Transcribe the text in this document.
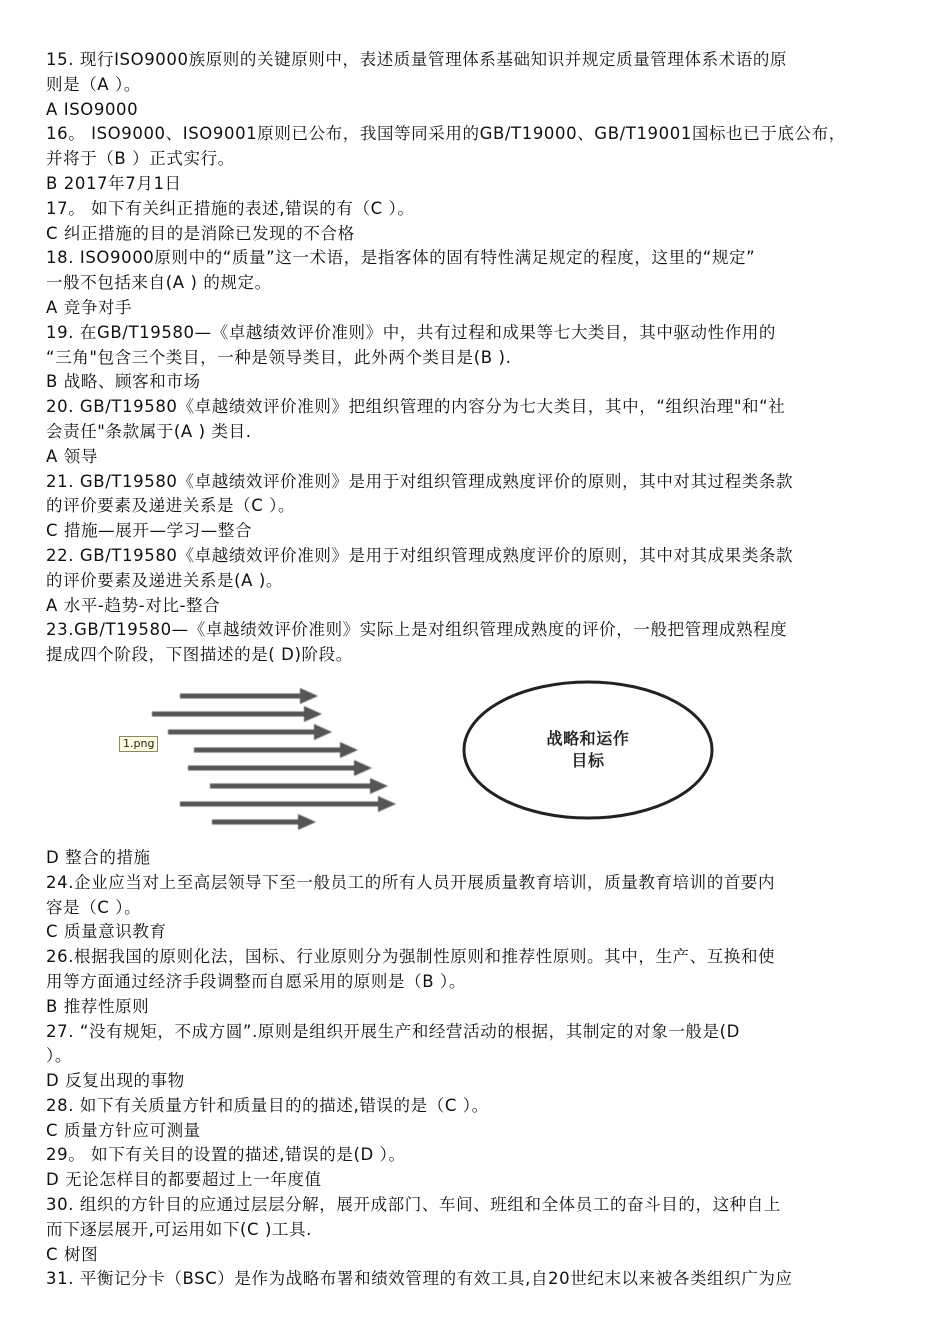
15. 现行ISO9000族原则的关键原则中，表述质量管理体系基础知识并规定质量管理体系术语的原
则是（A ）。
A ISO9000
16。 ISO9000、ISO9001原则已公布，我国等同采用的GB/T19000、GB/T19001国标也已于底公布，
并将于（B ）正式实行。
B 2017年7月1日
17。 如下有关纠正措施的表述,错误的有（C ）。
C 纠正措施的目的是消除已发现的不合格
18. ISO9000原则中的“质量”这一术语，是指客体的固有特性满足规定的程度，这里的“规定”
一般不包括来自(A ) 的规定。
A 竞争对手
19. 在GB/T19580—《卓越绩效评价准则》中，共有过程和成果等七大类目，其中驱动性作用的
“三角"包含三个类目，一种是领导类目，此外两个类目是(B ).
B 战略、顾客和市场
20. GB/T19580《卓越绩效评价准则》把组织管理的内容分为七大类目，其中，“组织治理"和“社
会责任"条款属于(A ) 类目.
A 领导
21. GB/T19580《卓越绩效评价准则》是用于对组织管理成熟度评价的原则，其中对其过程类条款
的评价要素及递进关系是（C ）。
C 措施—展开—学习—整合
22. GB/T19580《卓越绩效评价准则》是用于对组织管理成熟度评价的原则，其中对其成果类条款
的评价要素及递进关系是(A )。
A 水平-趋势-对比-整合
23.GB/T19580—《卓越绩效评价准则》实际上是对组织管理成熟度的评价，一般把管理成熟程度
提成四个阶段，下图描述的是( D)阶段。
战略和运作
目标
1.png
D 整合的措施
24.企业应当对上至高层领导下至一般员工的所有人员开展质量教育培训，质量教育培训的首要内
容是（C ）。
C 质量意识教育
26.根据我国的原则化法，国标、行业原则分为强制性原则和推荐性原则。其中，生产、互换和使
用等方面通过经济手段调整而自愿采用的原则是（B ）。
B 推荐性原则
27. “没有规矩，不成方圆”.原则是组织开展生产和经营活动的根据，其制定的对象一般是(D
）。
D 反复出现的事物
28. 如下有关质量方针和质量目的的描述,错误的是（C ）。
C 质量方针应可测量
29。 如下有关目的设置的描述,错误的是(D ）。
D 无论怎样目的都要超过上一年度值
30. 组织的方针目的应通过层层分解，展开成部门、车间、班组和全体员工的奋斗目的，这种自上
而下逐层展开,可运用如下(C )工具.
C 树图
31. 平衡记分卡（BSC）是作为战略布署和绩效管理的有效工具,自20世纪末以来被各类组织广为应
